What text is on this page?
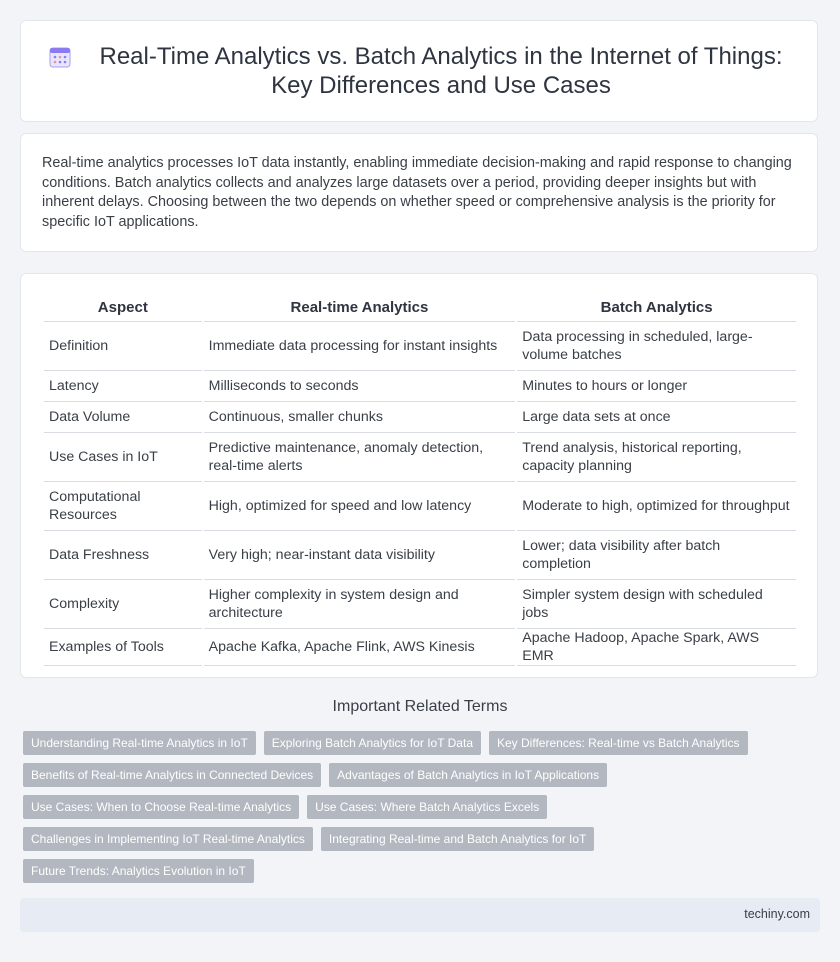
Real-Time Analytics vs. Batch Analytics in the Internet of Things: Key Differences and Use Cases

Real-time analytics processes IoT data instantly, enabling immediate decision-making and rapid response to changing conditions. Batch analytics collects and analyzes large datasets over a period, providing deeper insights but with inherent delays. Choosing between the two depends on whether speed or comprehensive analysis is the priority for specific IoT applications.

Aspect	Real-time Analytics	Batch Analytics
Definition	Immediate data processing for instant insights	Data processing in scheduled, large-volume batches
Latency	Milliseconds to seconds	Minutes to hours or longer
Data Volume	Continuous, smaller chunks	Large data sets at once
Use Cases in IoT	Predictive maintenance, anomaly detection, real-time alerts	Trend analysis, historical reporting, capacity planning
Computational Resources	High, optimized for speed and low latency	Moderate to high, optimized for throughput
Data Freshness	Very high; near-instant data visibility	Lower; data visibility after batch completion
Complexity	Higher complexity in system design and architecture	Simpler system design with scheduled jobs
Examples of Tools	Apache Kafka, Apache Flink, AWS Kinesis	Apache Hadoop, Apache Spark, AWS EMR
Important Related Terms
Understanding Real-time Analytics in IoT	Exploring Batch Analytics for IoT Data	Key Differences: Real-time vs Batch Analytics
Benefits of Real-time Analytics in Connected Devices	Advantages of Batch Analytics in IoT Applications
Use Cases: When to Choose Real-time Analytics	Use Cases: Where Batch Analytics Excels
Challenges in Implementing IoT Real-time Analytics	Integrating Real-time and Batch Analytics for IoT
Future Trends: Analytics Evolution in IoT
techiny.com
